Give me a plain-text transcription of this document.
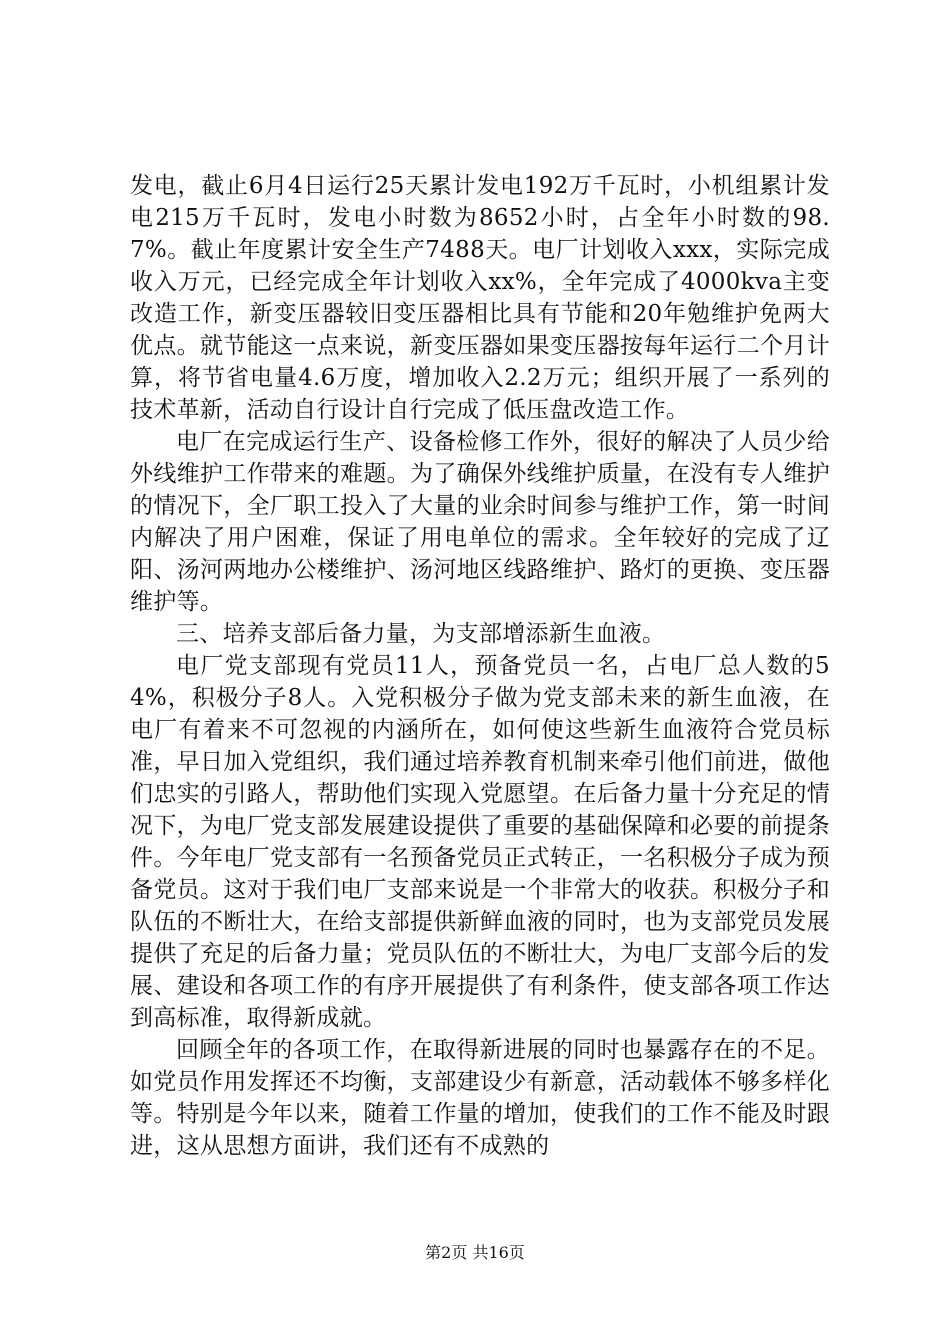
发电，截止6月4日运行25天累计发电192万千瓦时，小机组累计发电215万千瓦时，发电小时数为8652小时，占全年小时数的98.7%。截止年度累计安全生产7488天。电厂计划收入xxx，实际完成收入万元，已经完成全年计划收入xx%，全年完成了4000kva主变改造工作，新变压器较旧变压器相比具有节能和20年勉维护免两大优点。就节能这一点来说，新变压器如果变压器按每年运行二个月计算，将节省电量4.6万度，增加收入2.2万元；组织开展了一系列的技术革新，活动自行设计自行完成了低压盘改造工作。

电厂在完成运行生产、设备检修工作外，很好的解决了人员少给外线维护工作带来的难题。为了确保外线维护质量，在没有专人维护的情况下，全厂职工投入了大量的业余时间参与维护工作，第一时间内解决了用户困难，保证了用电单位的需求。全年较好的完成了辽阳、汤河两地办公楼维护、汤河地区线路维护、路灯的更换、变压器维护等。

三、培养支部后备力量，为支部增添新生血液。

电厂党支部现有党员11人，预备党员一名，占电厂总人数的54%，积极分子8人。入党积极分子做为党支部未来的新生血液，在电厂有着来不可忽视的内涵所在，如何使这些新生血液符合党员标准，早日加入党组织，我们通过培养教育机制来牵引他们前进，做他们忠实的引路人，帮助他们实现入党愿望。在后备力量十分充足的情况下，为电厂党支部发展建设提供了重要的基础保障和必要的前提条件。今年电厂党支部有一名预备党员正式转正，一名积极分子成为预备党员。这对于我们电厂支部来说是一个非常大的收获。积极分子和队伍的不断壮大，在给支部提供新鲜血液的同时，也为支部党员发展提供了充足的后备力量；党员队伍的不断壮大，为电厂支部今后的发展、建设和各项工作的有序开展提供了有利条件，使支部各项工作达到高标准，取得新成就。

回顾全年的各项工作，在取得新进展的同时也暴露存在的不足。如党员作用发挥还不均衡，支部建设少有新意，活动载体不够多样化等。特别是今年以来，随着工作量的增加，使我们的工作不能及时跟进，这从思想方面讲，我们还有不成熟的

第2页 共16页
